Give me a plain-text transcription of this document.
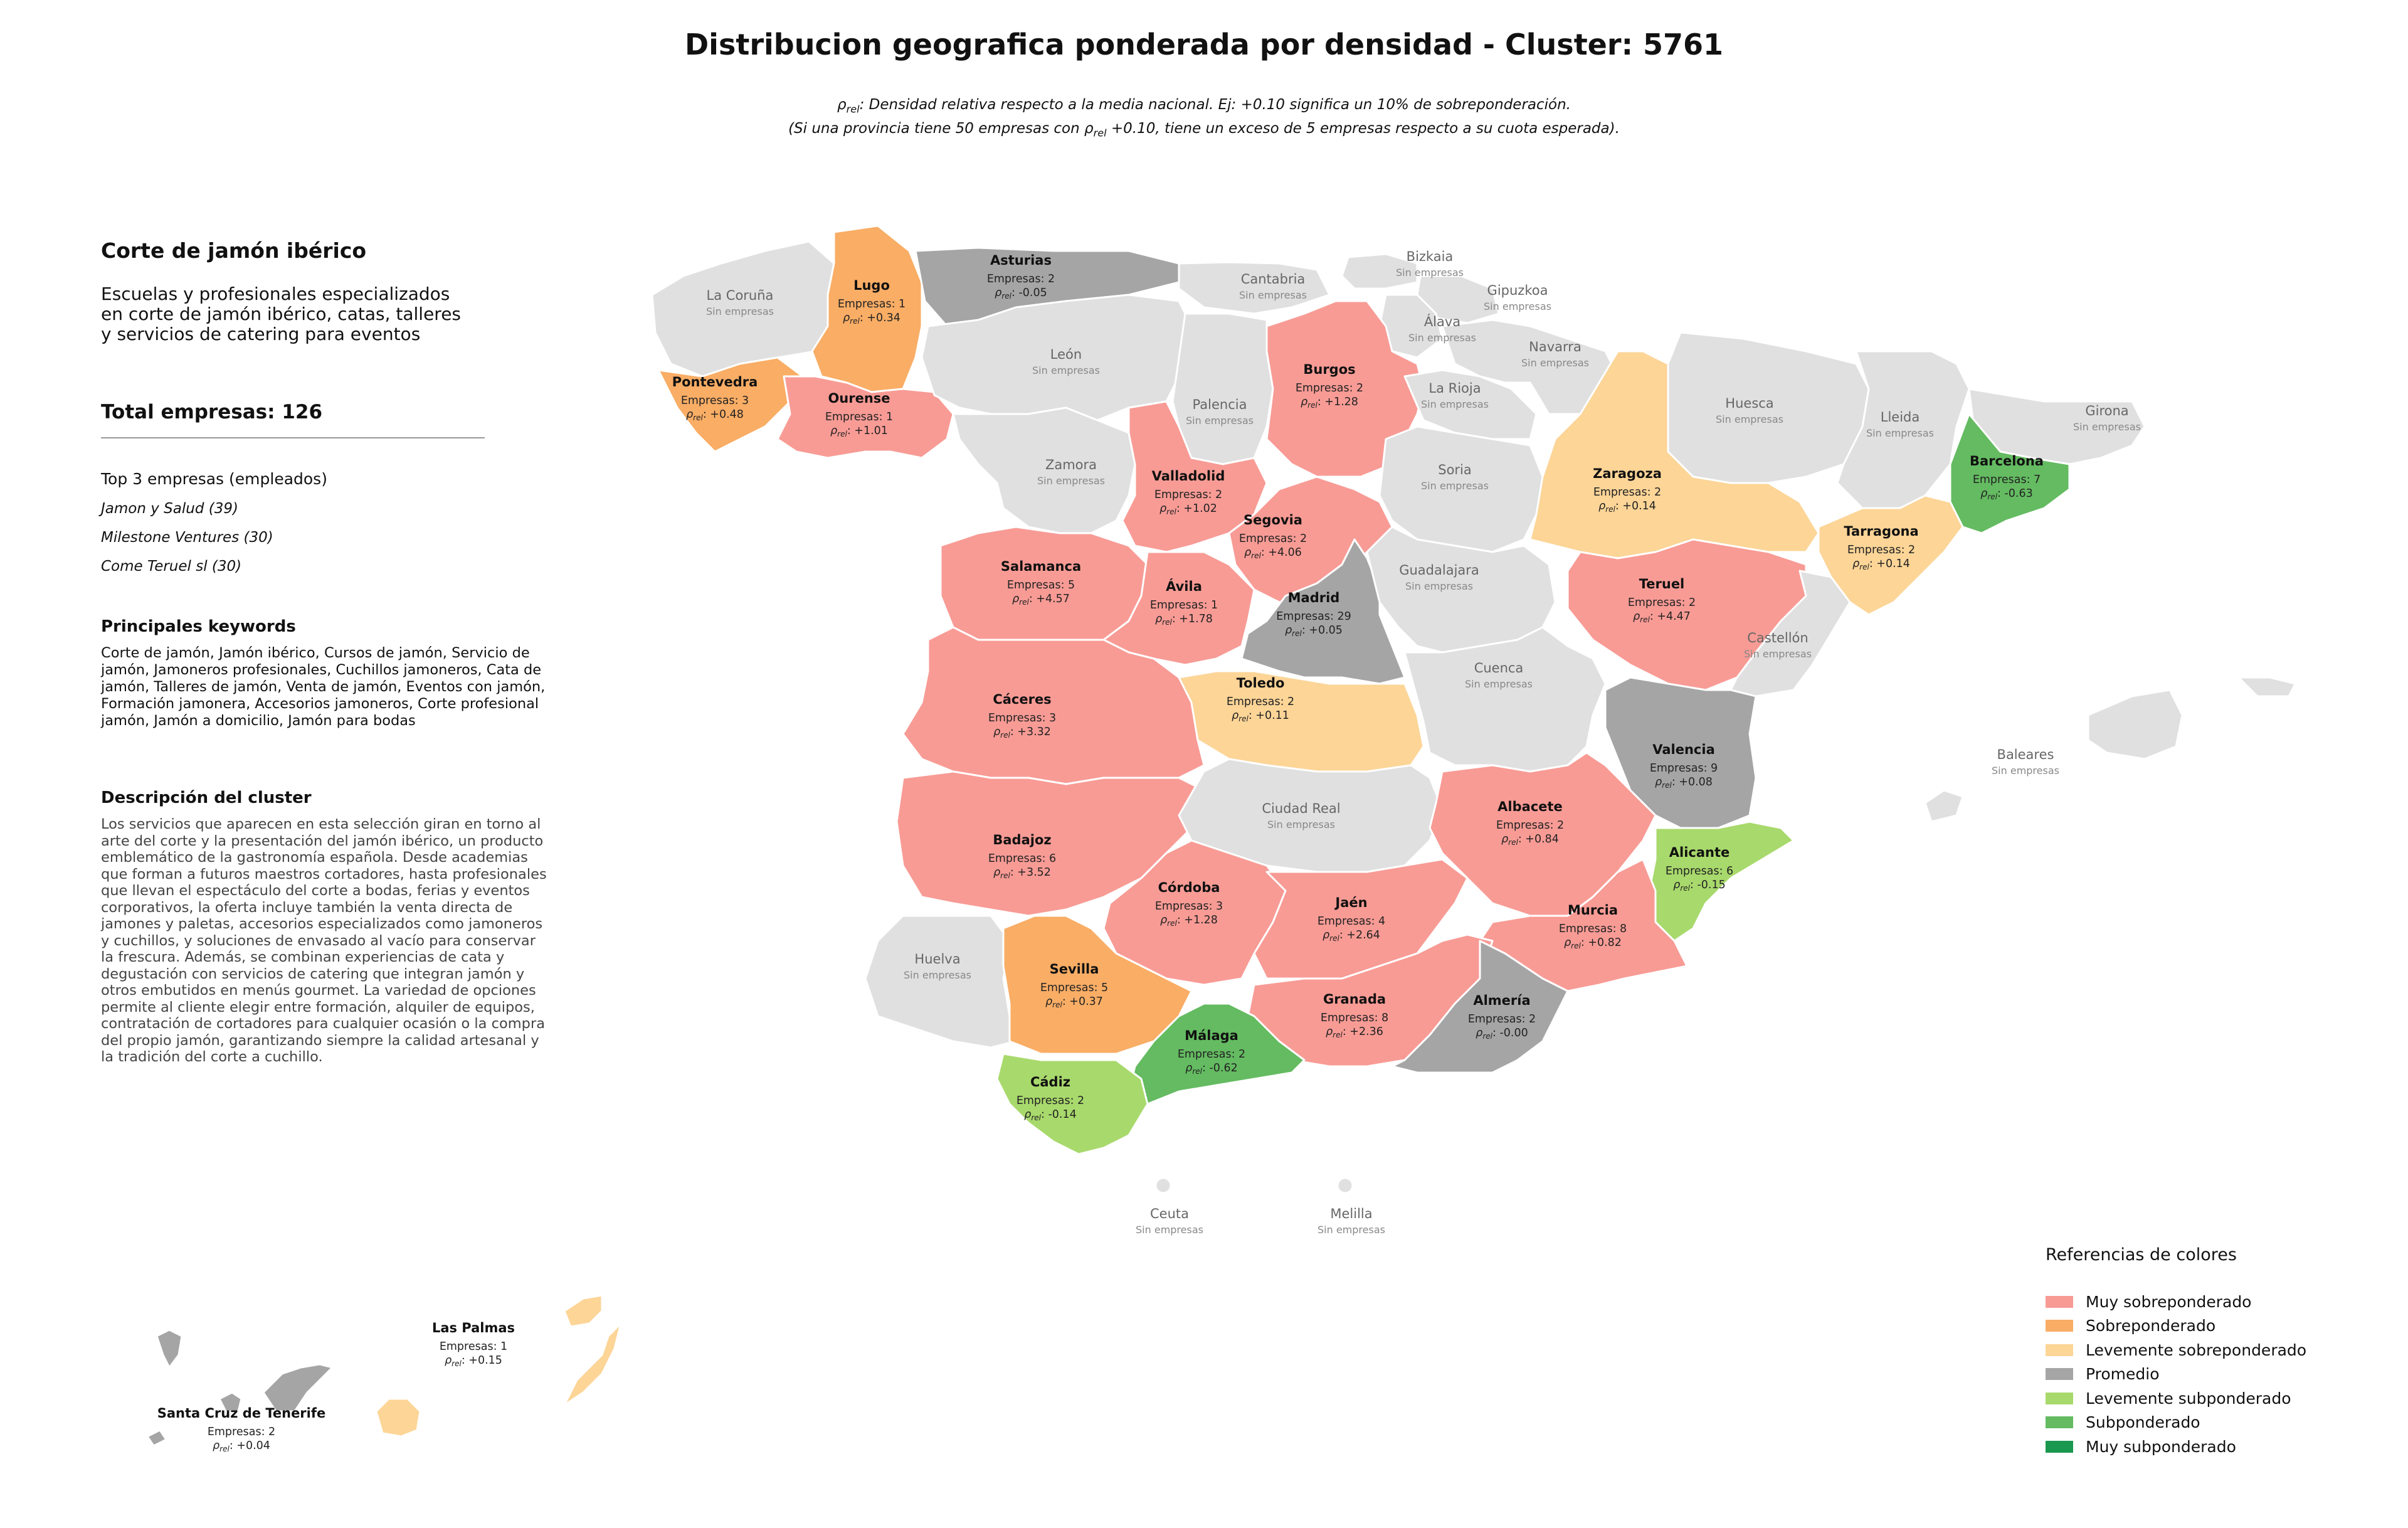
Distribucion geografica ponderada por densidad - Cluster: 5761
$\rho_{rel}$: Densidad relativa respecto a la media nacional. Ej: +0.10 significa un 10% de sobreponderación.
(Si una provincia tiene 50 empresas con $\rho_{rel} +0.10$, tiene un exceso de 5 empresas respecto a su cuota esperada).
Corte de jamón ibérico
Escuelas y profesionales especializados en corte de jamón ibérico, catas, talleres y servicios de catering para eventos
Total empresas: 126
Top 3 empresas (empleados)
Jamon y Salud (39)
Milestone Ventures (30)
Come Teruel sl (30)
Principales keywords
Corte de jamón, Jamón ibérico, Cursos de jamón, Servicio de jamón, Jamoneros profesionales, Cuchillos jamoneros, Cata de jamón, Talleres de jamón, Venta de jamón, Eventos con jamón, Formación jamonera, Accesorios jamoneros, Corte profesional jamón, Jamón a domicilio, Jamón para bodas
Descripción del cluster
Los servicios que aparecen en esta selección giran en torno al arte del corte y la presentación del jamón ibérico, un producto emblemático de la gastronomía española. Desde academias que forman a futuros maestros cortadores, hasta profesionales que llevan el espectáculo del corte a bodas, ferias y eventos corporativos, la oferta incluye también la venta directa de jamones y paletas, accesorios especializados como jamoneros y cuchillos, y soluciones de envasado al vacío para conservar la frescura. Además, se combinan experiencias de cata y degustación con servicios de catering que integran jamón y otros embutidos en menús gourmet. La variedad de opciones permite al cliente elegir entre formación, alquiler de equipos, contratación de cortadores para cualquier ocasión o la compra del propio jamón, garantizando siempre la calidad artesanal y la tradición del corte a cuchillo.
La Coruña
Sin empresas
Lugo
Empresas: 1
$\rho_{rel}$: +0.34
Asturias
Empresas: 2
$\rho_{rel}$: -0.05
Cantabria
Sin empresas
Bizkaia
Sin empresas
Gipuzkoa
Sin empresas
Álava
Sin empresas
Navarra
Sin empresas
Pontevedra
Empresas: 3
$\rho_{rel}$: +0.48
Ourense
Empresas: 1
$\rho_{rel}$: +1.01
León
Sin empresas
Palencia
Sin empresas
Burgos
Empresas: 2
$\rho_{rel}$: +1.28
La Rioja
Sin empresas	Huesca
Sin empresas	Lleida
Sin empresas
Girona
Sin empresas
Barcelona
Empresas: 7
$\rho_{rel}$: -0.63
Zamora
Sin empresas	Valladolid
Empresas: 2
$\rho_{rel}$: +1.02
Soria
Sin empresas
Zaragoza
Empresas: 2
$\rho_{rel}$: +0.14
Tarragona
Empresas: 2
$\rho_{rel}$: +0.14
Segovia
Empresas: 2
$\rho_{rel}$: +4.06
Salamanca
Empresas: 5
$\rho_{rel}$: +4.57
Ávila
Empresas: 1
$\rho_{rel}$: +1.78
Madrid
Empresas: 29
$\rho_{rel}$: +0.05
Guadalajara
Sin empresas	Teruel
Empresas: 2
$\rho_{rel}$: +4.47
Castellón
Sin empresas
Cáceres
Empresas: 3
$\rho_{rel}$: +3.32
Toledo
Empresas: 2
$\rho_{rel}$: +0.11
Cuenca
Sin empresas
Valencia
Empresas: 9
$\rho_{rel}$: +0.08
Baleares
Sin empresas
Badajoz
Empresas: 6
$\rho_{rel}$: +3.52
Ciudad Real
Sin empresas
Albacete
Empresas: 2
$\rho_{rel}$: +0.84
Alicante
Empresas: 6
$\rho_{rel}$: -0.15
Córdoba
Empresas: 3
$\rho_{rel}$: +1.28
Jaén
Empresas: 4
$\rho_{rel}$: +2.64
Murcia
Empresas: 8
$\rho_{rel}$: +0.82
Huelva
Sin empresas	Sevilla
Empresas: 5
$\rho_{rel}$: +0.37	Granada
Empresas: 8
$\rho_{rel}$: +2.36
Almería
Empresas: 2
$\rho_{rel}$: -0.00
Málaga
Empresas: 2
$\rho_{rel}$: -0.62
Cádiz
Empresas: 2
$\rho_{rel}$: -0.14
Ceuta
Sin empresas
Melilla
Sin empresas
Las Palmas
Empresas: 1
$\rho_{rel}$: +0.15
Santa Cruz de Tenerife
Empresas: 2
$\rho_{rel}$: +0.04
Referencias de colores
Muy sobreponderado
Sobreponderado
Levemente sobreponderado
Promedio
Levemente subponderado
Subponderado
Muy subponderado
